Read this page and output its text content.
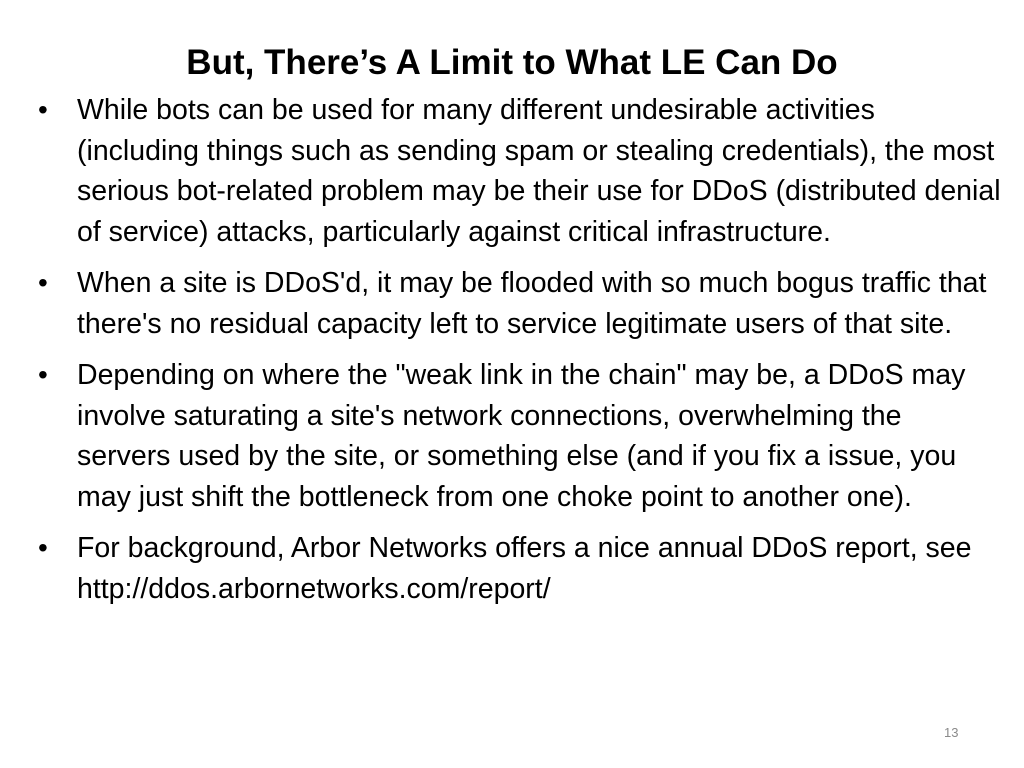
But, There’s A Limit to What LE Can Do
• While bots can be used for many different undesirable activities (including things such as sending spam or stealing credentials), the most serious bot-related problem may be their use for DDoS (distributed denial of service) attacks, particularly against critical infrastructure.
• When a site is DDoS'd, it may be flooded with so much bogus traffic that there's no residual capacity left to service legitimate users of that site.
• Depending on where the "weak link in the chain" may be, a DDoS may involve saturating a site's network connections, overwhelming the servers used by the site, or something else (and if you fix a issue, you may just shift the bottleneck from one choke point to another one).
• For background, Arbor Networks offers a nice annual DDoS report, see http://ddos.arbornetworks.com/report/
13
